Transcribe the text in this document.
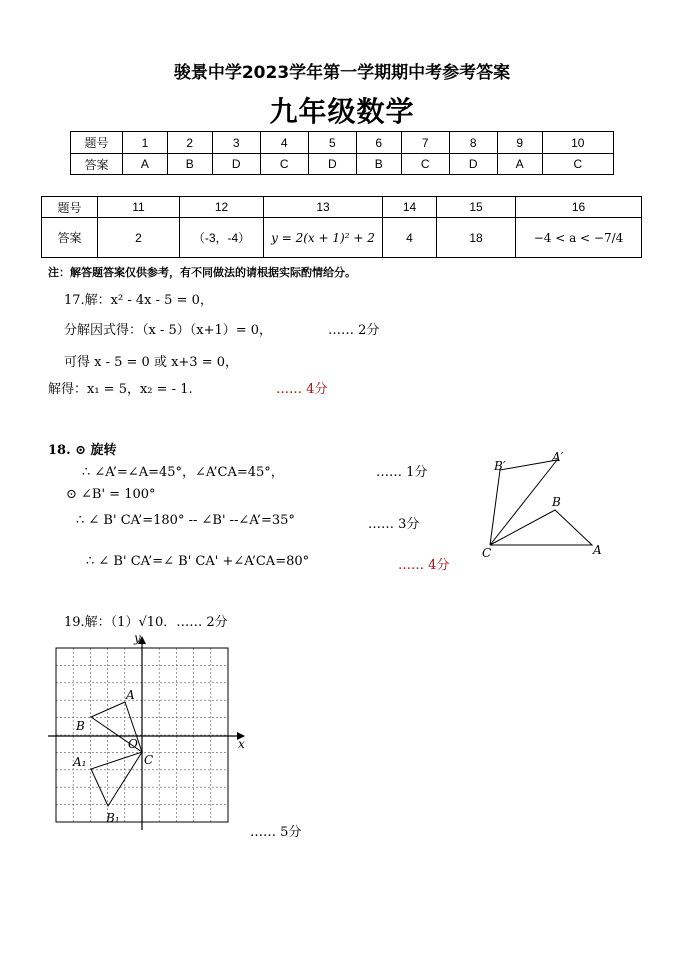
骏景中学2023学年第一学期期中考参考答案
九年级数学
题号	1	2	3	4	5	6	7	8	9	10
答案	A	B	D	C	D	B	C	D	A	C
题号	11	12	13	14	15	16
答案	2	（-3，-4）	y = 2(x + 1)² + 2	4	18	−4 < a < −7/4
注：解答题答案仅供参考，有不同做法的请根据实际酌情给分。
17.解：x² - 4x - 5 = 0，
分解因式得：（x - 5）（x+1）= 0，	…… 2分
可得 x - 5 = 0 或 x+3 = 0，
解得：x₁ = 5，x₂ = - 1.	…… 4分
18. ⊙ 旋转
∴ ∠A’=∠A=45°，∠A’CA=45°，	…… 1分
⊙ ∠B' = 100°
∴ ∠ B' CA’=180° -- ∠B' --∠A’=35°	…… 3分
∴ ∠ B' CA’=∠ B' CA' +∠A’CA=80°	…… 4分
B′
A′
B
C	A
19.解：（1）√10．…… 2分
y
x
O
A
B
C
A₁
B₁
…… 5分
